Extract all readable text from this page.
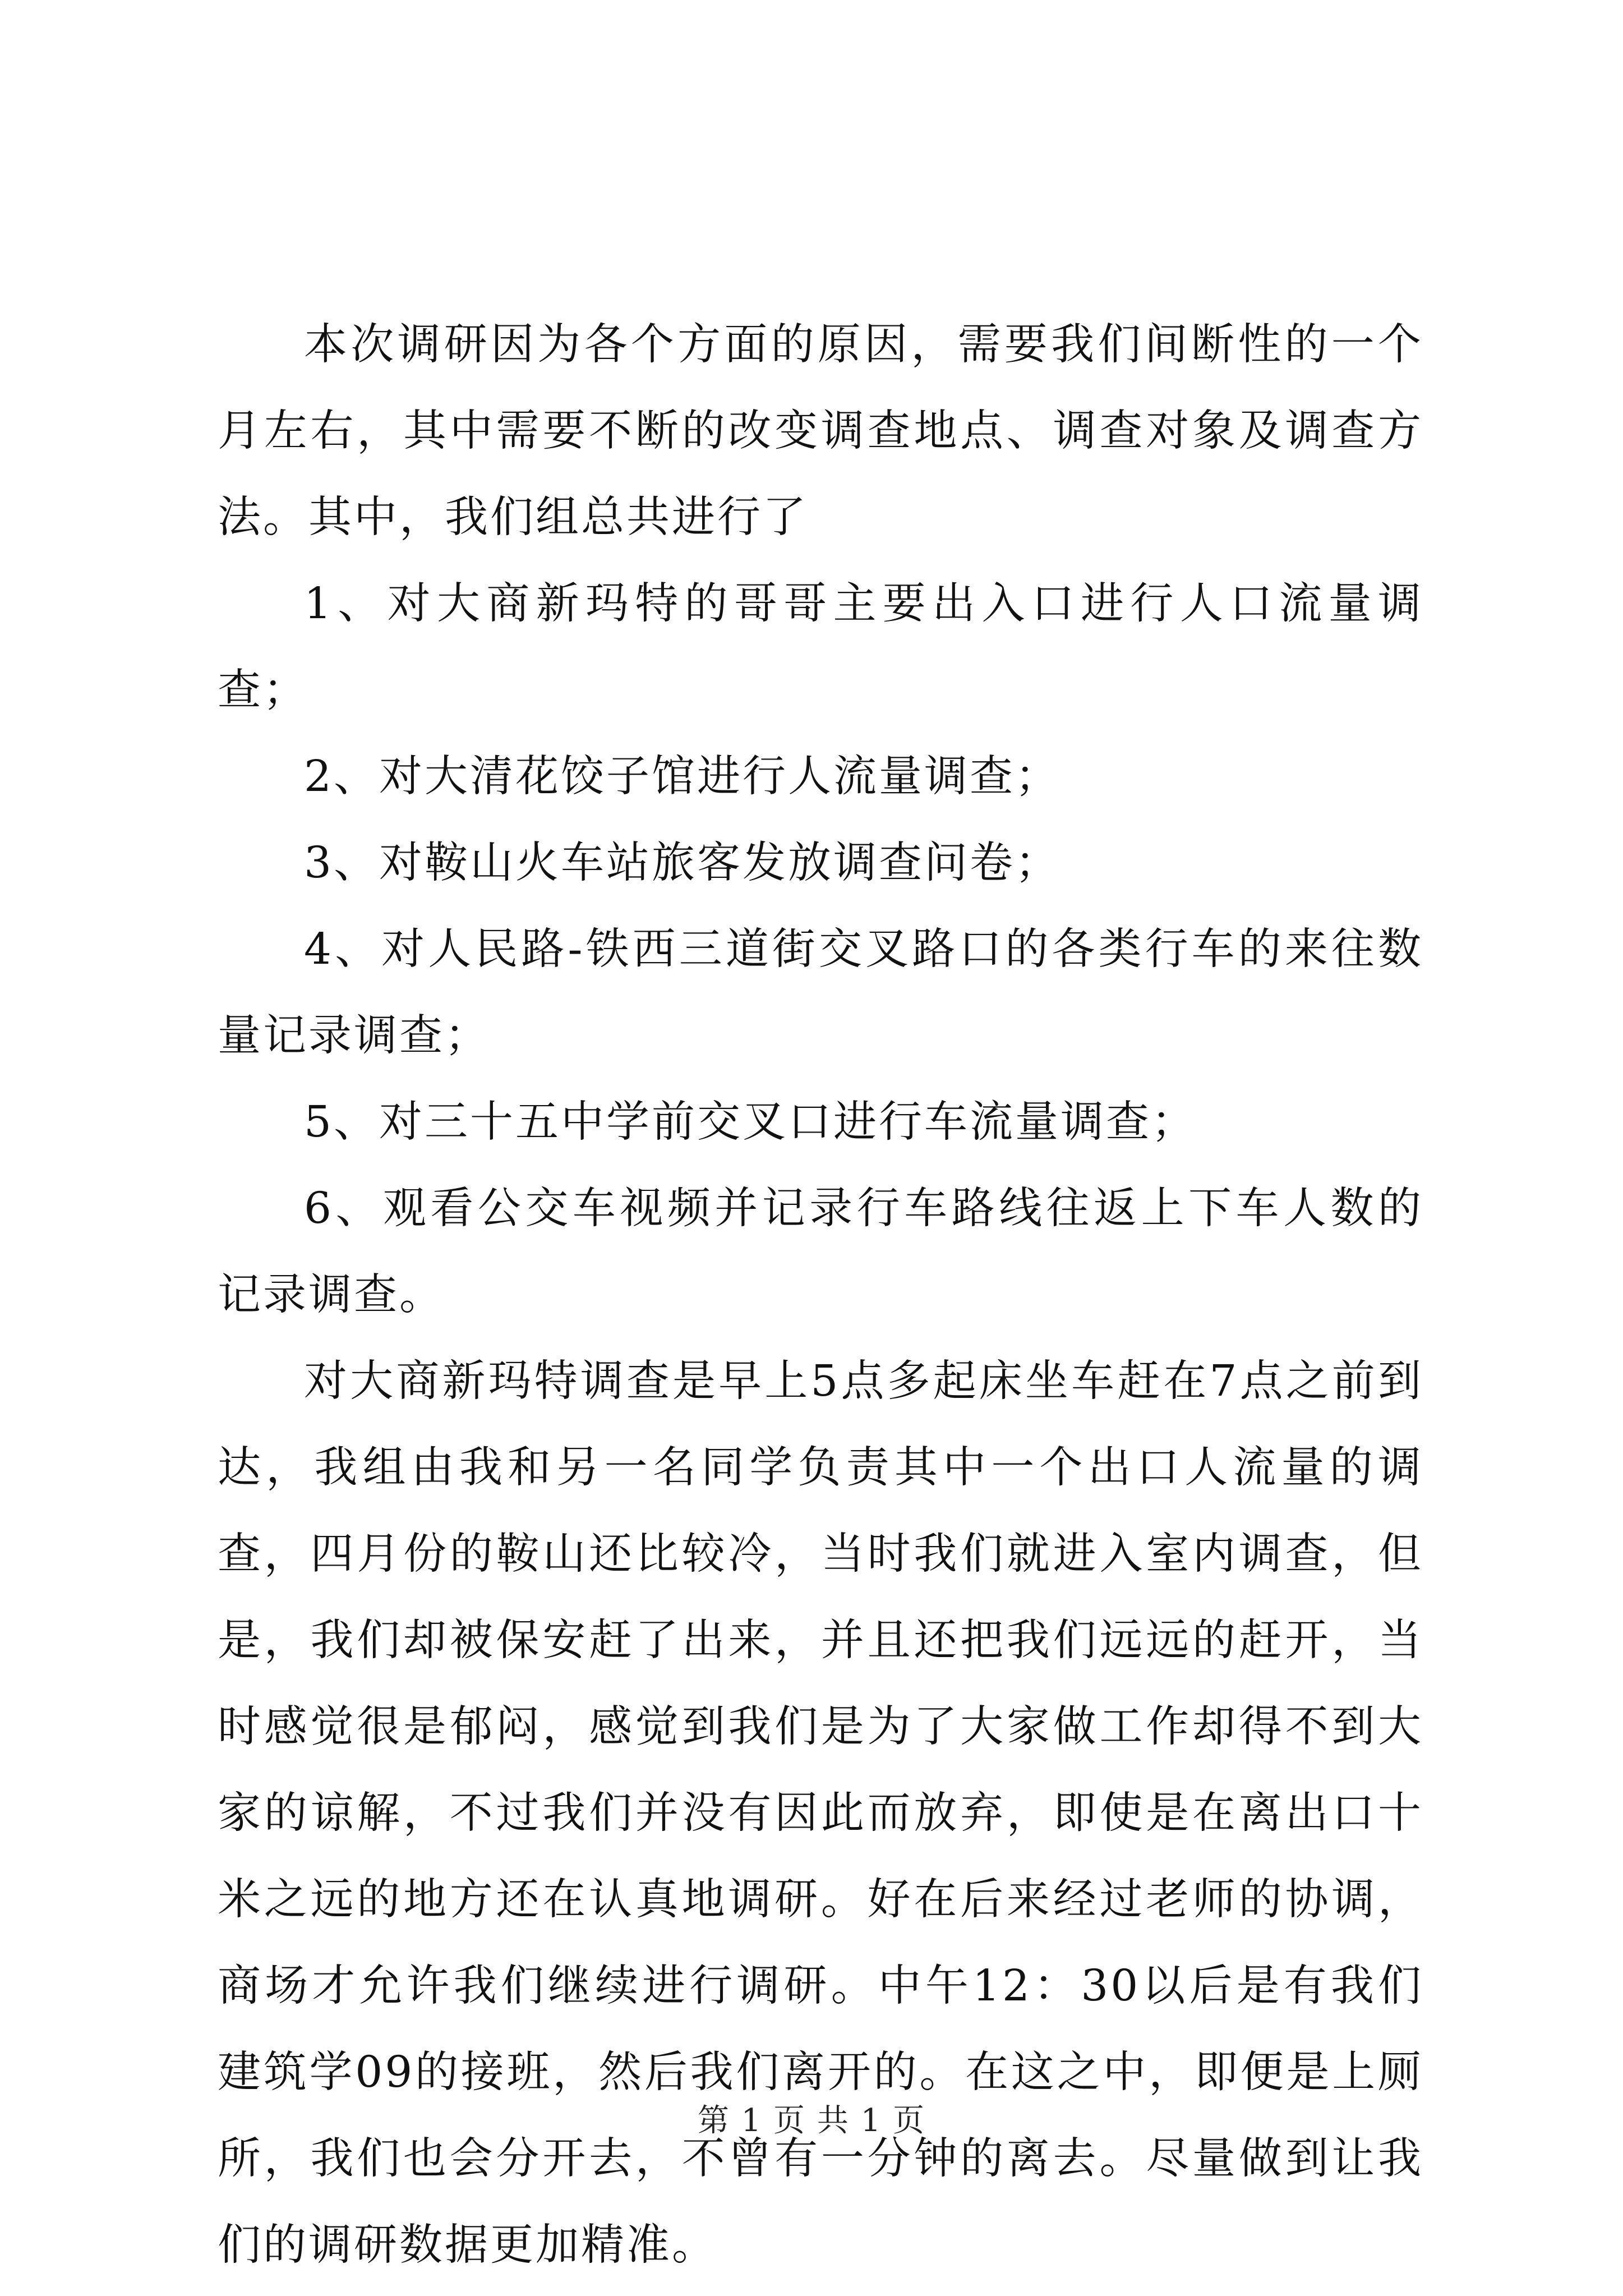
本次调研因为各个方面的原因，需要我们间断性的一个月左右，其中需要不断的改变调查地点、调查对象及调查方法。其中，我们组总共进行了

1、对大商新玛特的哥哥主要出入口进行人口流量调查；

2、对大清花饺子馆进行人流量调查；

3、对鞍山火车站旅客发放调查问卷；

4、对人民路-铁西三道街交叉路口的各类行车的来往数量记录调查；

5、对三十五中学前交叉口进行车流量调查；

6、观看公交车视频并记录行车路线往返上下车人数的记录调查。

对大商新玛特调查是早上5点多起床坐车赶在7点之前到达，我组由我和另一名同学负责其中一个出口人流量的调查，四月份的鞍山还比较冷，当时我们就进入室内调查，但是，我们却被保安赶了出来，并且还把我们远远的赶开，当时感觉很是郁闷，感觉到我们是为了大家做工作却得不到大家的谅解，不过我们并没有因此而放弃，即使是在离出口十米之远的地方还在认真地调研。好在后来经过老师的协调，商场才允许我们继续进行调研。中午12：30以后是有我们建筑学09的接班，然后我们离开的。在这之中，即便是上厕所，我们也会分开去，不曾有一分钟的离去。尽量做到让我们的调研数据更加精准。

第 1 页 共 1 页
